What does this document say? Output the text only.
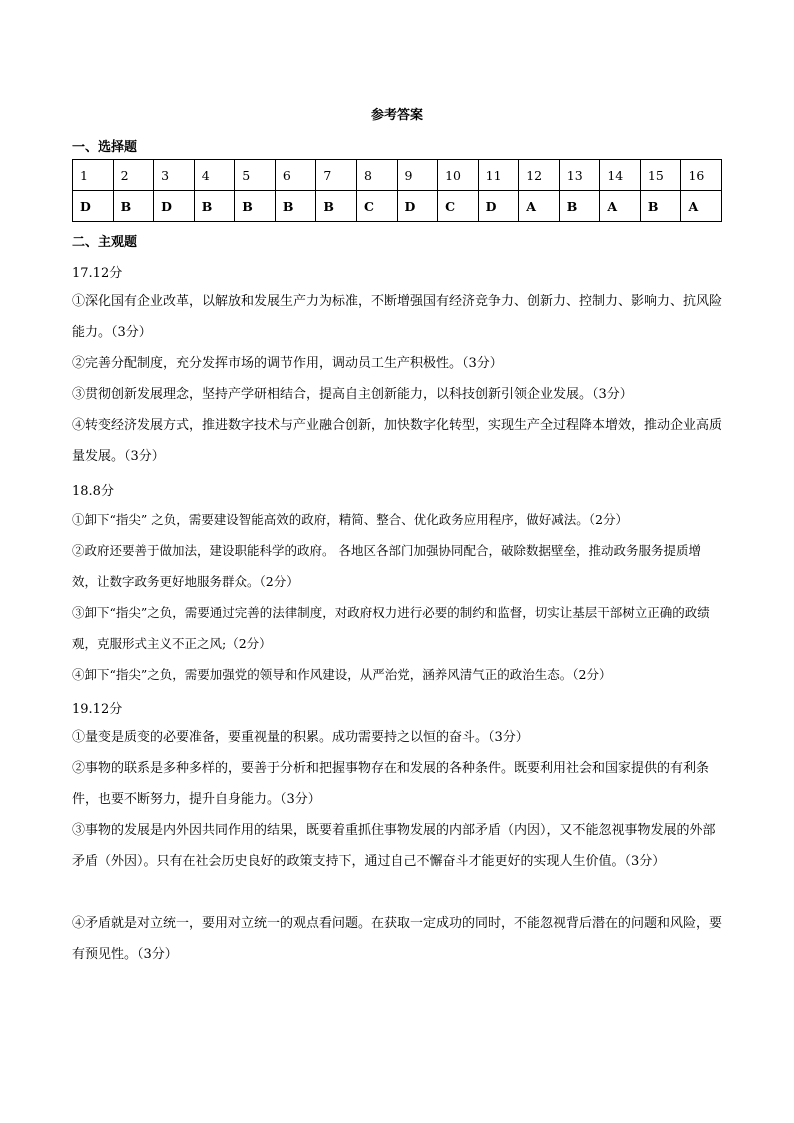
参考答案
一、选择题
1	2	3	4	5	6	7	8	9	10	11	12	13	14	15	16
D	B	D	B	B	B	B	C	D	C	D	A	B	A	B	A
二、主观题
17.12分
①深化国有企业改革，以解放和发展生产力为标准，不断增强国有经济竞争力、创新力、控制力、影响力、抗风险能力。（3分）
②完善分配制度，充分发挥市场的调节作用，调动员工生产积极性。（3分）
③贯彻创新发展理念，坚持产学研相结合，提高自主创新能力，以科技创新引领企业发展。（3分）
④转变经济发展方式，推进数字技术与产业融合创新，加快数字化转型，实现生产全过程降本增效，推动企业高质量发展。（3分）
18.8分
①卸下“指尖” 之负，需要建设智能高效的政府，精简、整合、优化政务应用程序，做好减法。（2分）
②政府还要善于做加法，建设职能科学的政府。 各地区各部门加强协同配合，破除数据壁垒，推动政务服务提质增效，让数字政务更好地服务群众。（2分）
③卸下“指尖”之负，需要通过完善的法律制度，对政府权力进行必要的制约和监督，切实让基层干部树立正确的政绩观，克服形式主义不正之风;（2分）
④卸下“指尖”之负，需要加强党的领导和作风建设，从严治党，涵养风清气正的政治生态。（2分）
19.12分
①量变是质变的必要准备，要重视量的积累。成功需要持之以恒的奋斗。（3分）
②事物的联系是多种多样的，要善于分析和把握事物存在和发展的各种条件。既要利用社会和国家提供的有利条件，也要不断努力，提升自身能力。（3分）
③事物的发展是内外因共同作用的结果，既要着重抓住事物发展的内部矛盾（内因），又不能忽视事物发展的外部矛盾（外因）。只有在社会历史良好的政策支持下，通过自己不懈奋斗才能更好的实现人生价值。（3分）
④矛盾就是对立统一，要用对立统一的观点看问题。在获取一定成功的同时，不能忽视背后潜在的问题和风险，要有预见性。（3分）
